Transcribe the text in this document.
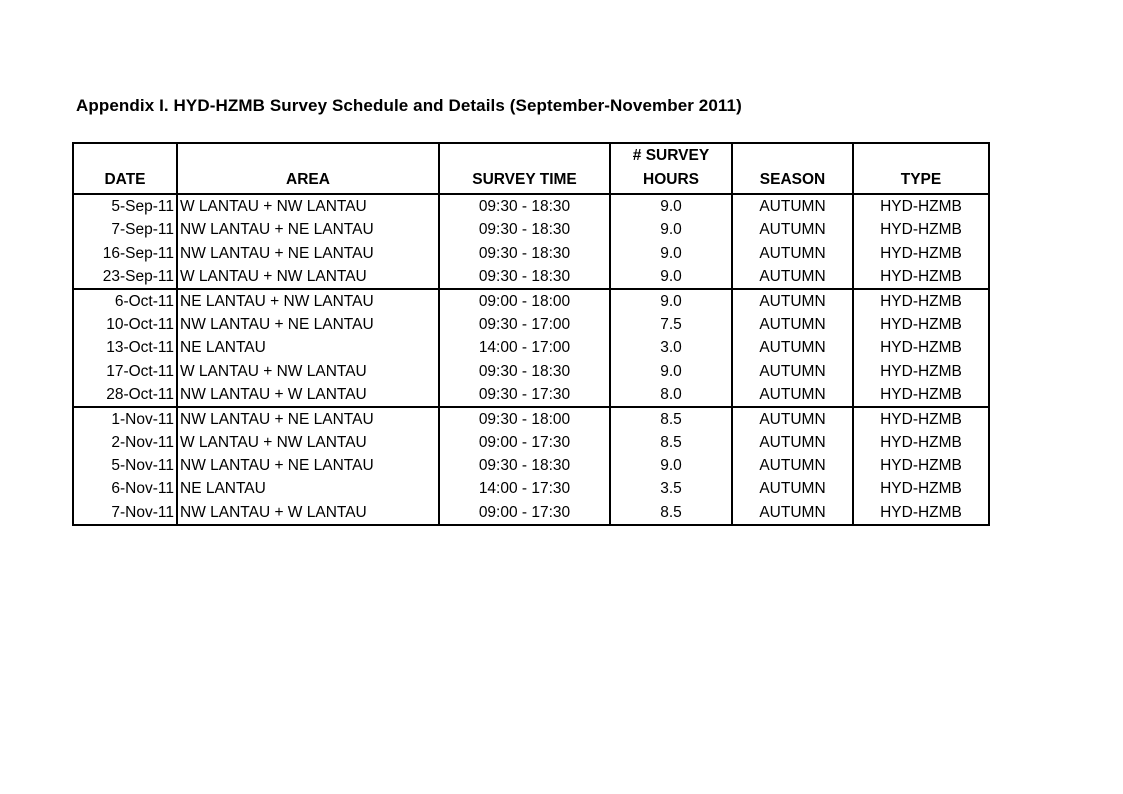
Appendix I. HYD-HZMB Survey Schedule and Details (September-November 2011)
DATE	AREA	SURVEY TIME	# SURVEY
HOURS	SEASON	TYPE
5-Sep-11	W LANTAU + NW LANTAU	09:30 - 18:30	9.0	AUTUMN	HYD-HZMB
7-Sep-11	NW LANTAU + NE LANTAU	09:30 - 18:30	9.0	AUTUMN	HYD-HZMB
16-Sep-11	NW LANTAU + NE LANTAU	09:30 - 18:30	9.0	AUTUMN	HYD-HZMB
23-Sep-11	W LANTAU + NW LANTAU	09:30 - 18:30	9.0	AUTUMN	HYD-HZMB
6-Oct-11	NE LANTAU + NW LANTAU	09:00 - 18:00	9.0	AUTUMN	HYD-HZMB
10-Oct-11	NW LANTAU + NE LANTAU	09:30 - 17:00	7.5	AUTUMN	HYD-HZMB
13-Oct-11	NE LANTAU	14:00 - 17:00	3.0	AUTUMN	HYD-HZMB
17-Oct-11	W LANTAU + NW LANTAU	09:30 - 18:30	9.0	AUTUMN	HYD-HZMB
28-Oct-11	NW LANTAU + W LANTAU	09:30 - 17:30	8.0	AUTUMN	HYD-HZMB
1-Nov-11	NW LANTAU + NE LANTAU	09:30 - 18:00	8.5	AUTUMN	HYD-HZMB
2-Nov-11	W LANTAU + NW LANTAU	09:00 - 17:30	8.5	AUTUMN	HYD-HZMB
5-Nov-11	NW LANTAU + NE LANTAU	09:30 - 18:30	9.0	AUTUMN	HYD-HZMB
6-Nov-11	NE LANTAU	14:00 - 17:30	3.5	AUTUMN	HYD-HZMB
7-Nov-11	NW LANTAU + W LANTAU	09:00 - 17:30	8.5	AUTUMN	HYD-HZMB
